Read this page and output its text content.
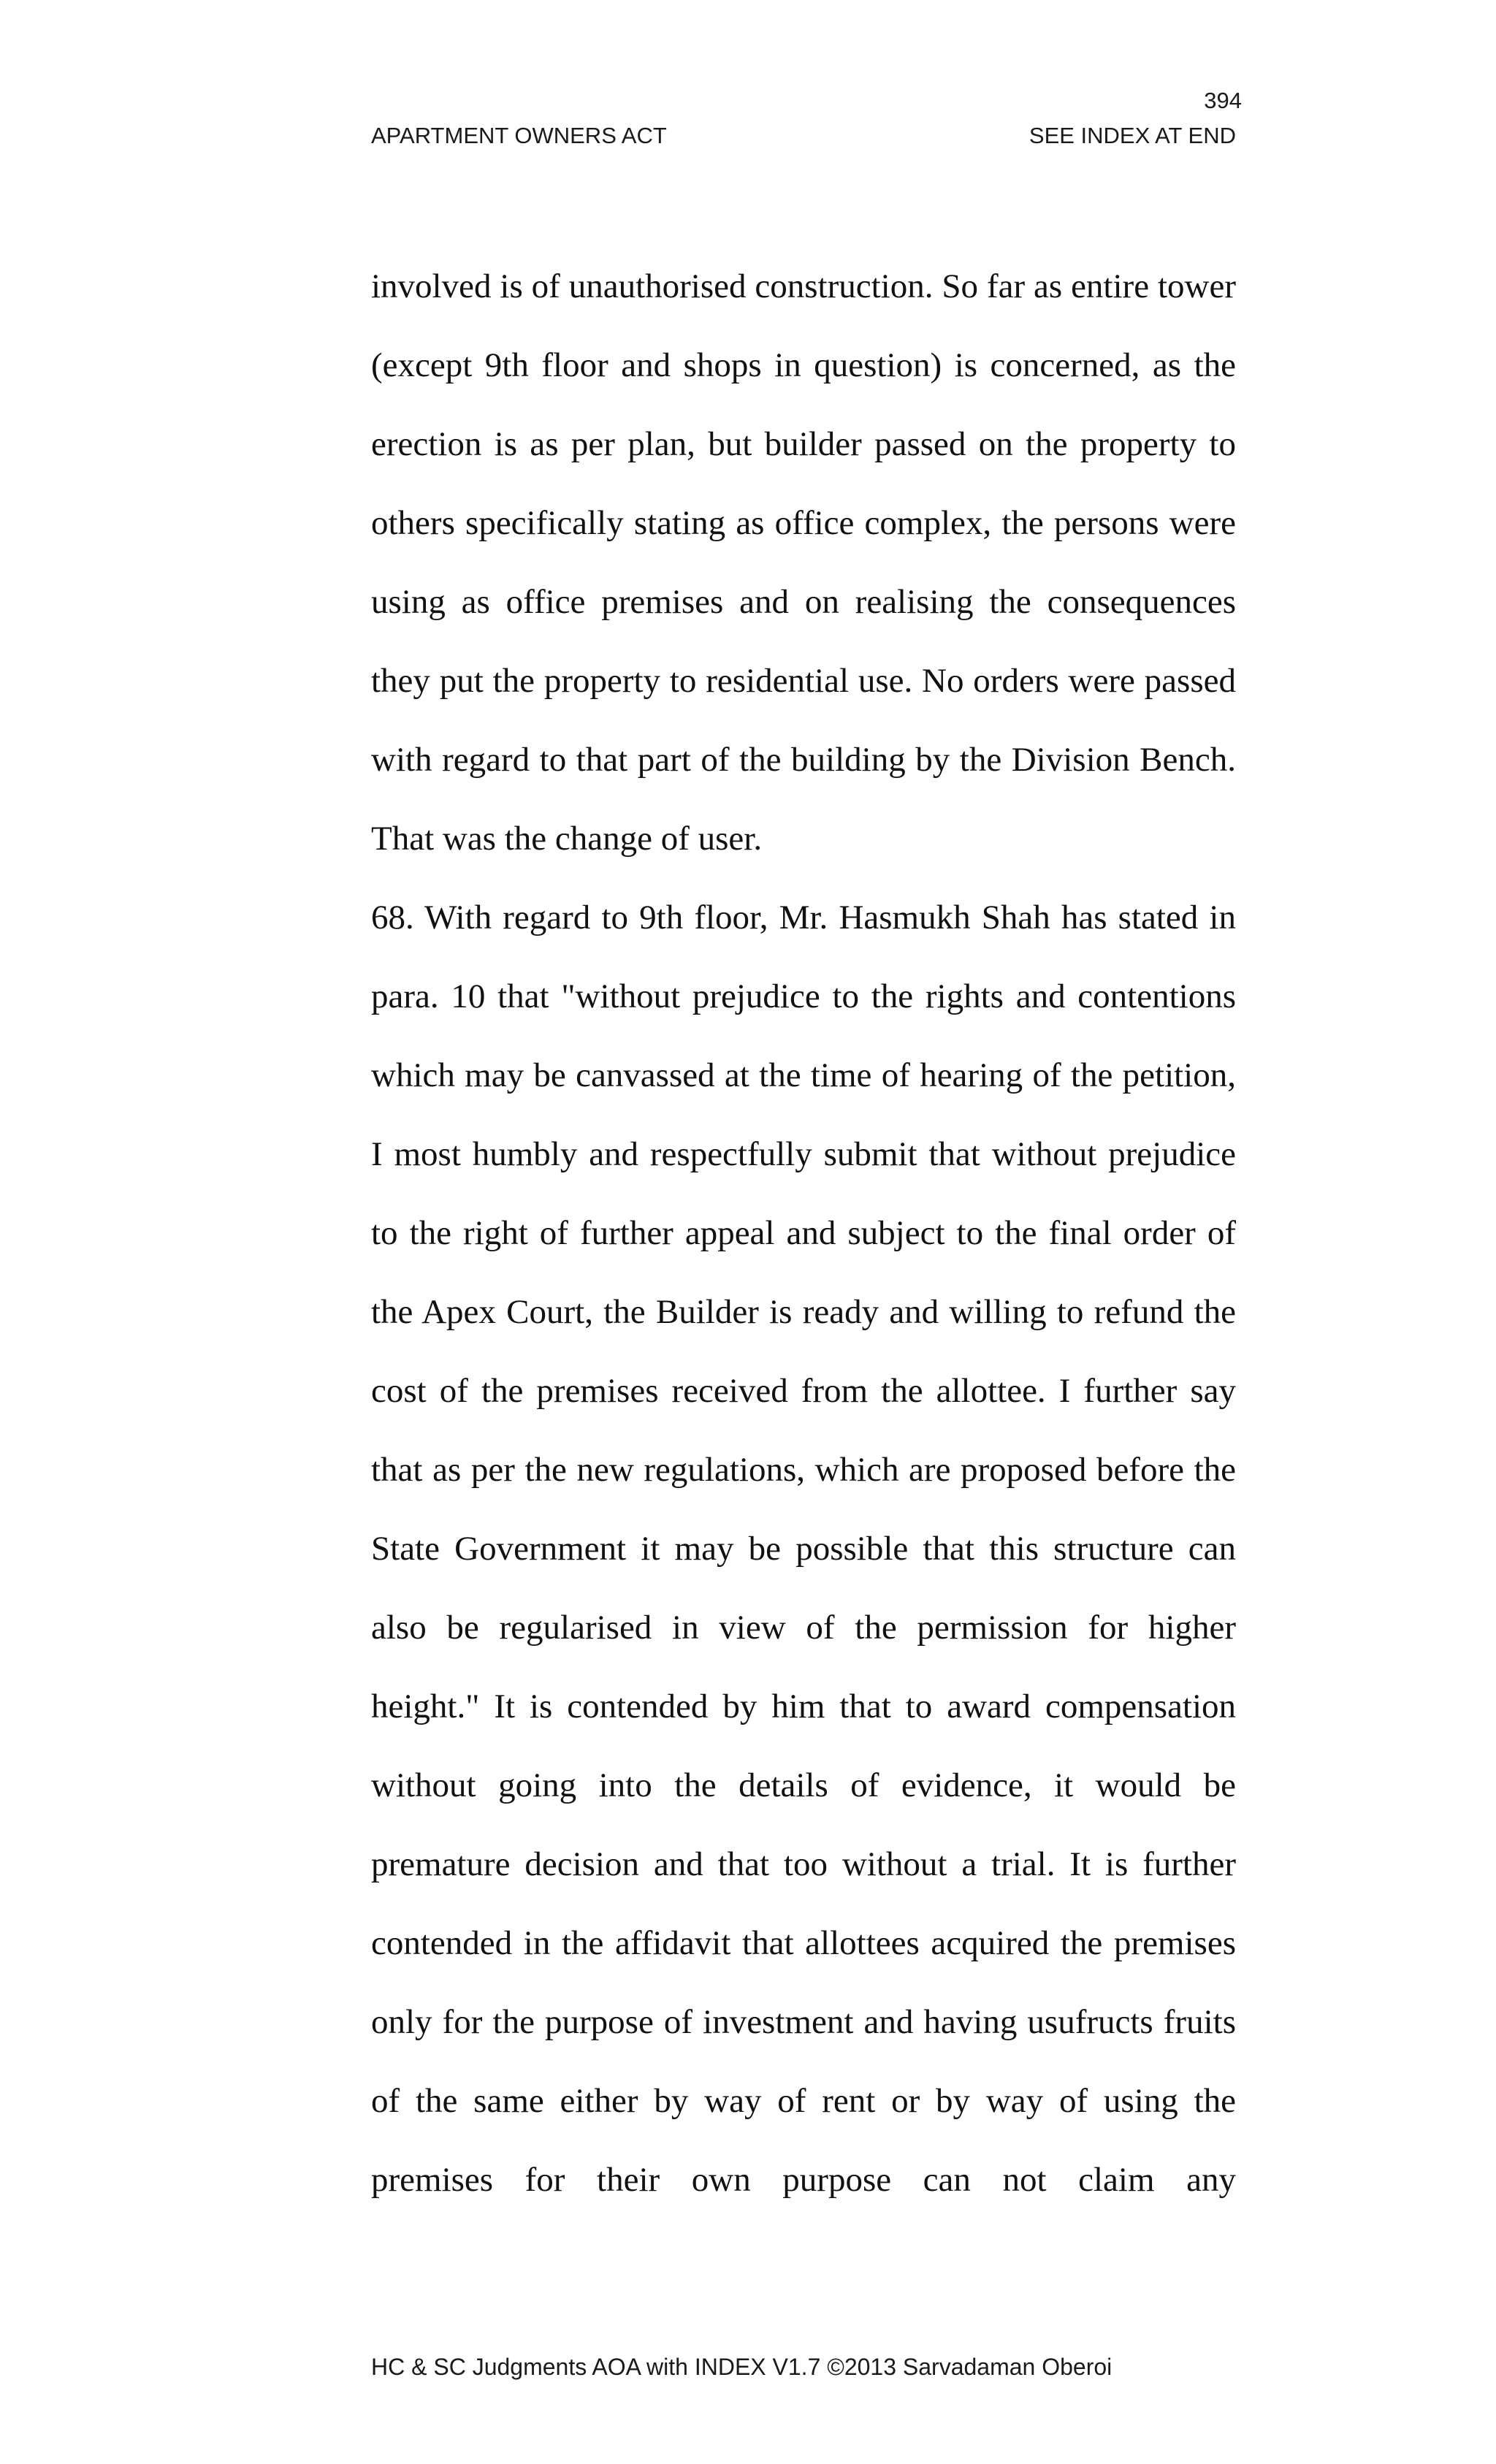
394
APARTMENT OWNERS ACT	SEE INDEX AT END
involved is of unauthorised construction. So far as entire tower
(except 9th floor and shops in question) is concerned, as the
erection is as per plan, but builder passed on the property to
others specifically stating as office complex, the persons were
using as office premises and on realising the consequences
they put the property to residential use. No orders were passed
with regard to that part of the building by the Division Bench.
That was the change of user.
68. With regard to 9th floor, Mr. Hasmukh Shah has stated in
para. 10 that "without prejudice to the rights and contentions
which may be canvassed at the time of hearing of the petition,
I most humbly and respectfully submit that without prejudice
to the right of further appeal and subject to the final order of
the Apex Court, the Builder is ready and willing to refund the
cost of the premises received from the allottee. I further say
that as per the new regulations, which are proposed before the
State Government it may be possible that this structure can
also be regularised in view of the permission for higher
height." It is contended by him that to award compensation
without going into the details of evidence, it would be
premature decision and that too without a trial. It is further
contended in the affidavit that allottees acquired the premises
only for the purpose of investment and having usufructs fruits
of the same either by way of rent or by way of using the
premises for their own purpose can not claim any
HC & SC Judgments AOA with INDEX V1.7 ©2013 Sarvadaman Oberoi
